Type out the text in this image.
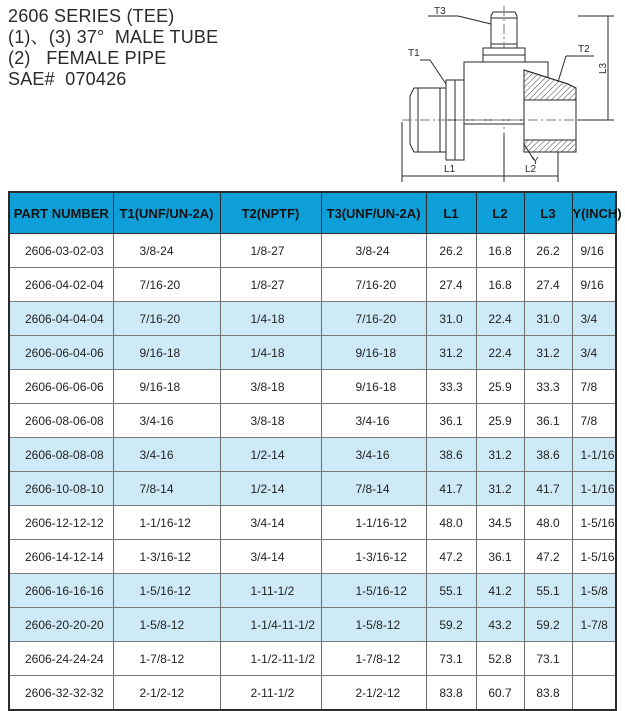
2606 SERIES (TEE)
(1)、(3) 37°  MALE TUBE
(2)   FEMALE PIPE
SAE#  070426
T1
T3
T2
L1	L2
L3
Y
PART NUMBER	T1(UNF/UN-2A)	T2(NPTF)	T3(UNF/UN-2A)	L1	L2	L3	Y(INCH)
2606-03-02-03	3/8-24	1/8-27	3/8-24	26.2	16.8	26.2	9/16
2606-04-02-04	7/16-20	1/8-27	7/16-20	27.4	16.8	27.4	9/16
2606-04-04-04	7/16-20	1/4-18	7/16-20	31.0	22.4	31.0	3/4
2606-06-04-06	9/16-18	1/4-18	9/16-18	31.2	22.4	31.2	3/4
2606-06-06-06	9/16-18	3/8-18	9/16-18	33.3	25.9	33.3	7/8
2606-08-06-08	3/4-16	3/8-18	3/4-16	36.1	25.9	36.1	7/8
2606-08-08-08	3/4-16	1/2-14	3/4-16	38.6	31.2	38.6	1-1/16
2606-10-08-10	7/8-14	1/2-14	7/8-14	41.7	31.2	41.7	1-1/16
2606-12-12-12	1-1/16-12	3/4-14	1-1/16-12	48.0	34.5	48.0	1-5/16
2606-14-12-14	1-3/16-12	3/4-14	1-3/16-12	47.2	36.1	47.2	1-5/16
2606-16-16-16	1-5/16-12	1-11-1/2	1-5/16-12	55.1	41.2	55.1	1-5/8
2606-20-20-20	1-5/8-12	1-1/4-11-1/2	1-5/8-12	59.2	43.2	59.2	1-7/8
2606-24-24-24	1-7/8-12	1-1/2-11-1/2	1-7/8-12	73.1	52.8	73.1	
2606-32-32-32	2-1/2-12	2-11-1/2	2-1/2-12	83.8	60.7	83.8	
